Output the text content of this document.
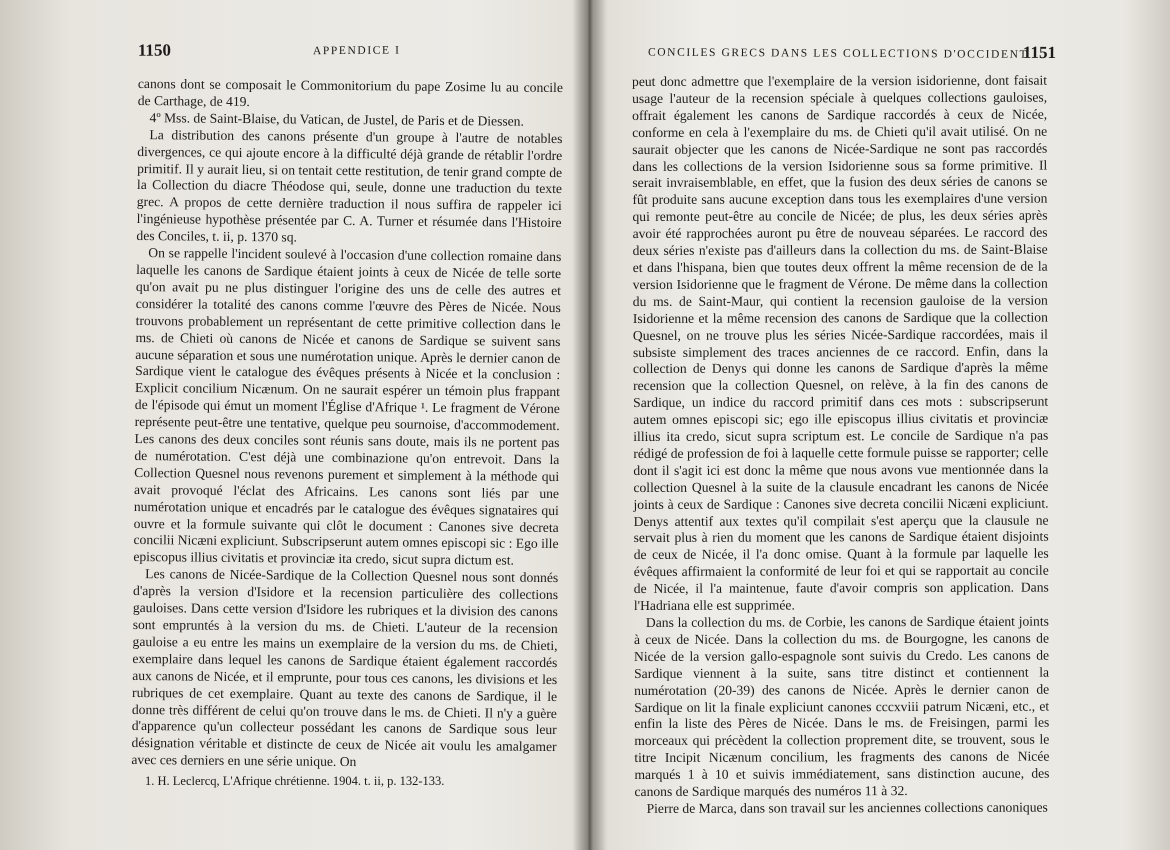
1150	APPENDICE I

canons dont se composait le Commonitorium du pape Zosime lu au concile de Carthage, de 419.

4º Mss. de Saint-Blaise, du Vatican, de Justel, de Paris et de Diessen.

La distribution des canons présente d'un groupe à l'autre de notables divergences, ce qui ajoute encore à la difficulté déjà grande de rétablir l'ordre primitif. Il y aurait lieu, si on tentait cette restitution, de tenir grand compte de la Collection du diacre Théodose qui, seule, donne une traduction du texte grec. A propos de cette dernière traduction il nous suffira de rappeler ici l'ingénieuse hypothèse présentée par C. A. Turner et résumée dans l'Histoire des Conciles, t. ii, p. 1370 sq.

On se rappelle l'incident soulevé à l'occasion d'une collection romaine dans laquelle les canons de Sardique étaient joints à ceux de Nicée de telle sorte qu'on avait pu ne plus distinguer l'origine des uns de celle des autres et considérer la totalité des canons comme l'œuvre des Pères de Nicée. Nous trouvons probablement un représentant de cette primitive collection dans le ms. de Chieti où canons de Nicée et canons de Sardique se suivent sans aucune séparation et sous une numérotation unique. Après le dernier canon de Sardique vient le catalogue des évêques présents à Nicée et la conclusion : Explicit concilium Nicænum. On ne saurait espérer un témoin plus frappant de l'épisode qui émut un moment l'Église d'Afrique ¹. Le fragment de Vérone représente peut-être une tentative, quelque peu sournoise, d'accommodement. Les canons des deux conciles sont réunis sans doute, mais ils ne portent pas de numérotation. C'est déjà une combinazione qu'on entrevoit. Dans la Collection Quesnel nous revenons purement et simplement à la méthode qui avait provoqué l'éclat des Africains. Les canons sont liés par une numérotation unique et encadrés par le catalogue des évêques signataires qui ouvre et la formule suivante qui clôt le document : Canones sive decreta concilii Nicæni expliciunt. Subscripserunt autem omnes episcopi sic : Ego ille episcopus illius civitatis et provinciæ ita credo, sicut supra dictum est.

Les canons de Nicée-Sardique de la Collection Quesnel nous sont donnés d'après la version d'Isidore et la recension particulière des collections gauloises. Dans cette version d'Isidore les rubriques et la division des canons sont empruntés à la version du ms. de Chieti. L'auteur de la recension gauloise a eu entre les mains un exemplaire de la version du ms. de Chieti, exemplaire dans lequel les canons de Sardique étaient également raccordés aux canons de Nicée, et il emprunte, pour tous ces canons, les divisions et les rubriques de cet exemplaire. Quant au texte des canons de Sardique, il le donne très différent de celui qu'on trouve dans le ms. de Chieti. Il n'y a guère d'apparence qu'un collecteur possédant les canons de Sardique sous leur désignation véritable et distincte de ceux de Nicée ait voulu les amalgamer avec ces derniers en une série unique. On

1. H. Leclercq, L'Afrique chrétienne. 1904. t. ii, p. 132-133.
CONCILES GRECS DANS LES COLLECTIONS D'OCCIDENT
1151

peut donc admettre que l'exemplaire de la version isidorienne, dont faisait usage l'auteur de la recension spéciale à quelques collections gauloises, offrait également les canons de Sardique raccordés à ceux de Nicée, conforme en cela à l'exemplaire du ms. de Chieti qu'il avait utilisé. On ne saurait objecter que les canons de Nicée-Sardique ne sont pas raccordés dans les collections de la version Isidorienne sous sa forme primitive. Il serait invraisemblable, en effet, que la fusion des deux séries de canons se fût produite sans aucune exception dans tous les exemplaires d'une version qui remonte peut-être au concile de Nicée; de plus, les deux séries après avoir été rapprochées auront pu être de nouveau séparées. Le raccord des deux séries n'existe pas d'ailleurs dans la collection du ms. de Saint-Blaise et dans l'hispana, bien que toutes deux offrent la même recension de de la version Isidorienne que le fragment de Vérone. De même dans la collection du ms. de Saint-Maur, qui contient la recension gauloise de la version Isidorienne et la même recension des canons de Sardique que la collection Quesnel, on ne trouve plus les séries Nicée-Sardique raccordées, mais il subsiste simplement des traces anciennes de ce raccord. Enfin, dans la collection de Denys qui donne les canons de Sardique d'après la même recension que la collection Quesnel, on relève, à la fin des canons de Sardique, un indice du raccord primitif dans ces mots : subscripserunt autem omnes episcopi sic; ego ille episcopus illius civitatis et provinciæ illius ita credo, sicut supra scriptum est. Le concile de Sardique n'a pas rédigé de profession de foi à laquelle cette formule puisse se rapporter; celle dont il s'agit ici est donc la même que nous avons vue mentionnée dans la collection Quesnel à la suite de la clausule encadrant les canons de Nicée joints à ceux de Sardique : Canones sive decreta concilii Nicæni expliciunt. Denys attentif aux textes qu'il compilait s'est aperçu que la clausule ne servait plus à rien du moment que les canons de Sardique étaient disjoints de ceux de Nicée, il l'a donc omise. Quant à la formule par laquelle les évêques affirmaient la conformité de leur foi et qui se rapportait au concile de Nicée, il l'a maintenue, faute d'avoir compris son application. Dans l'Hadriana elle est supprimée.

Dans la collection du ms. de Corbie, les canons de Sardique étaient joints à ceux de Nicée. Dans la collection du ms. de Bourgogne, les canons de Nicée de la version gallo-espagnole sont suivis du Credo. Les canons de Sardique viennent à la suite, sans titre distinct et contiennent la numérotation (20-39) des canons de Nicée. Après le dernier canon de Sardique on lit la finale expliciunt canones cccxviii patrum Nicæni, etc., et enfin la liste des Pères de Nicée. Dans le ms. de Freisingen, parmi les morceaux qui précèdent la collection proprement dite, se trouvent, sous le titre Incipit Nicænum concilium, les fragments des canons de Nicée marqués 1 à 10 et suivis immédiatement, sans distinction aucune, des canons de Sardique marqués des numéros 11 à 32.

Pierre de Marca, dans son travail sur les anciennes collections canoniques
